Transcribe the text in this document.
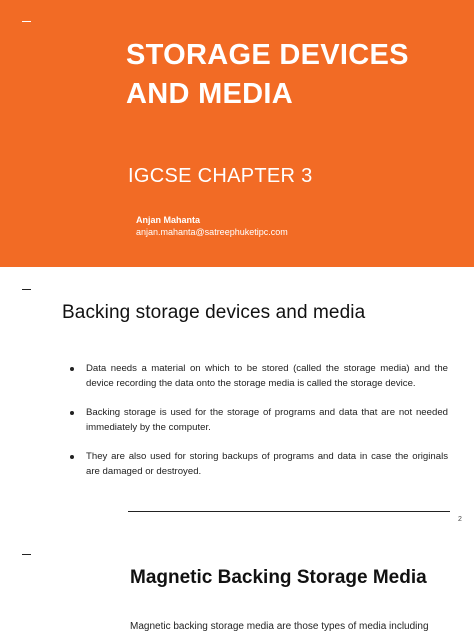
STORAGE DEVICES
AND MEDIA
IGCSE CHAPTER 3
Anjan Mahanta
anjan.mahanta@satreephuketipc.com
Backing storage devices and media
Data needs a material on which to be stored (called the storage media) and the device recording the data onto the storage media is called the storage device.
Backing storage is used for the storage of programs and data that are not needed immediately by the computer.
They are also used for storing backups of programs and data in case the originals are damaged or destroyed.
2
Magnetic Backing Storage Media
Magnetic backing storage media are those types of media including
